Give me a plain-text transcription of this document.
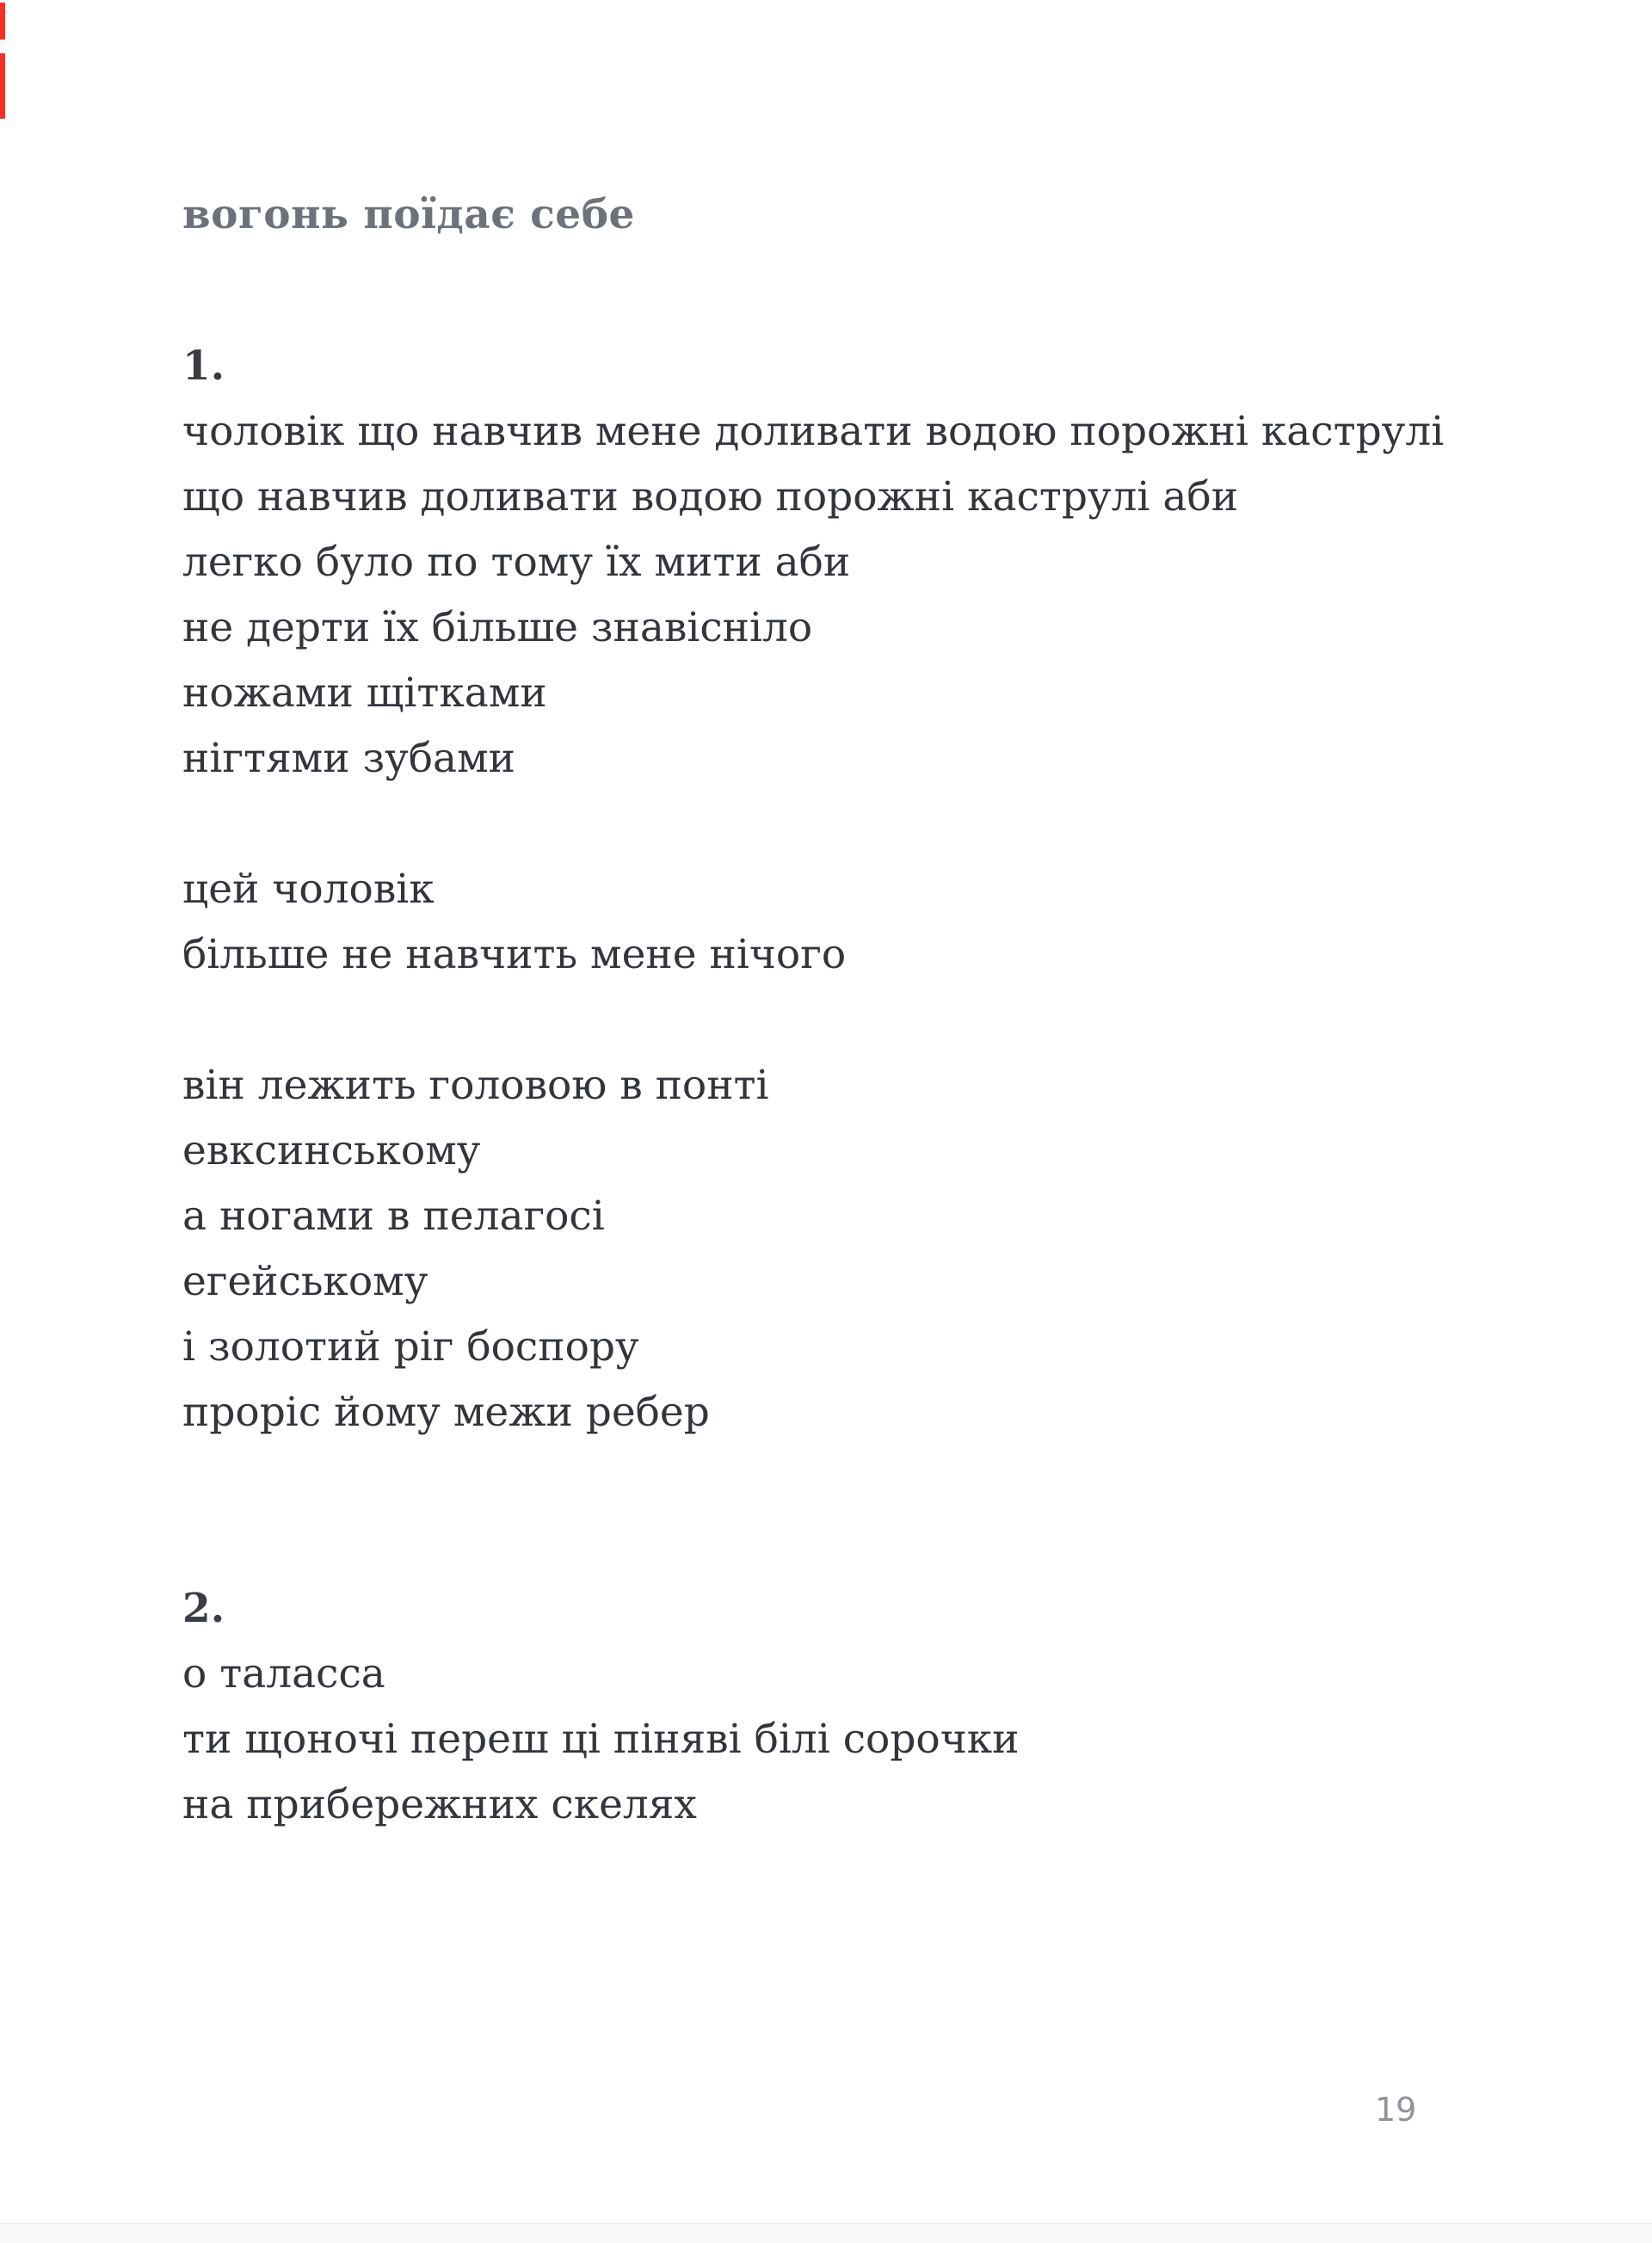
вогонь поїдає себе
1.
чоловік що навчив мене доливати водою порожні каструлі
що навчив доливати водою порожні каструлі аби
легко було по тому їх мити аби
не дерти їх більше знавісніло
ножами щітками
нігтями зубами
цей чоловік
більше не навчить мене нічого
він лежить головою в понті
евксинському
а ногами в пелагосі
егейському
і золотий ріг боспору
проріс йому межи ребер
2.
о таласса
ти щоночі переш ці піняві білі сорочки
на прибережних скелях
19
